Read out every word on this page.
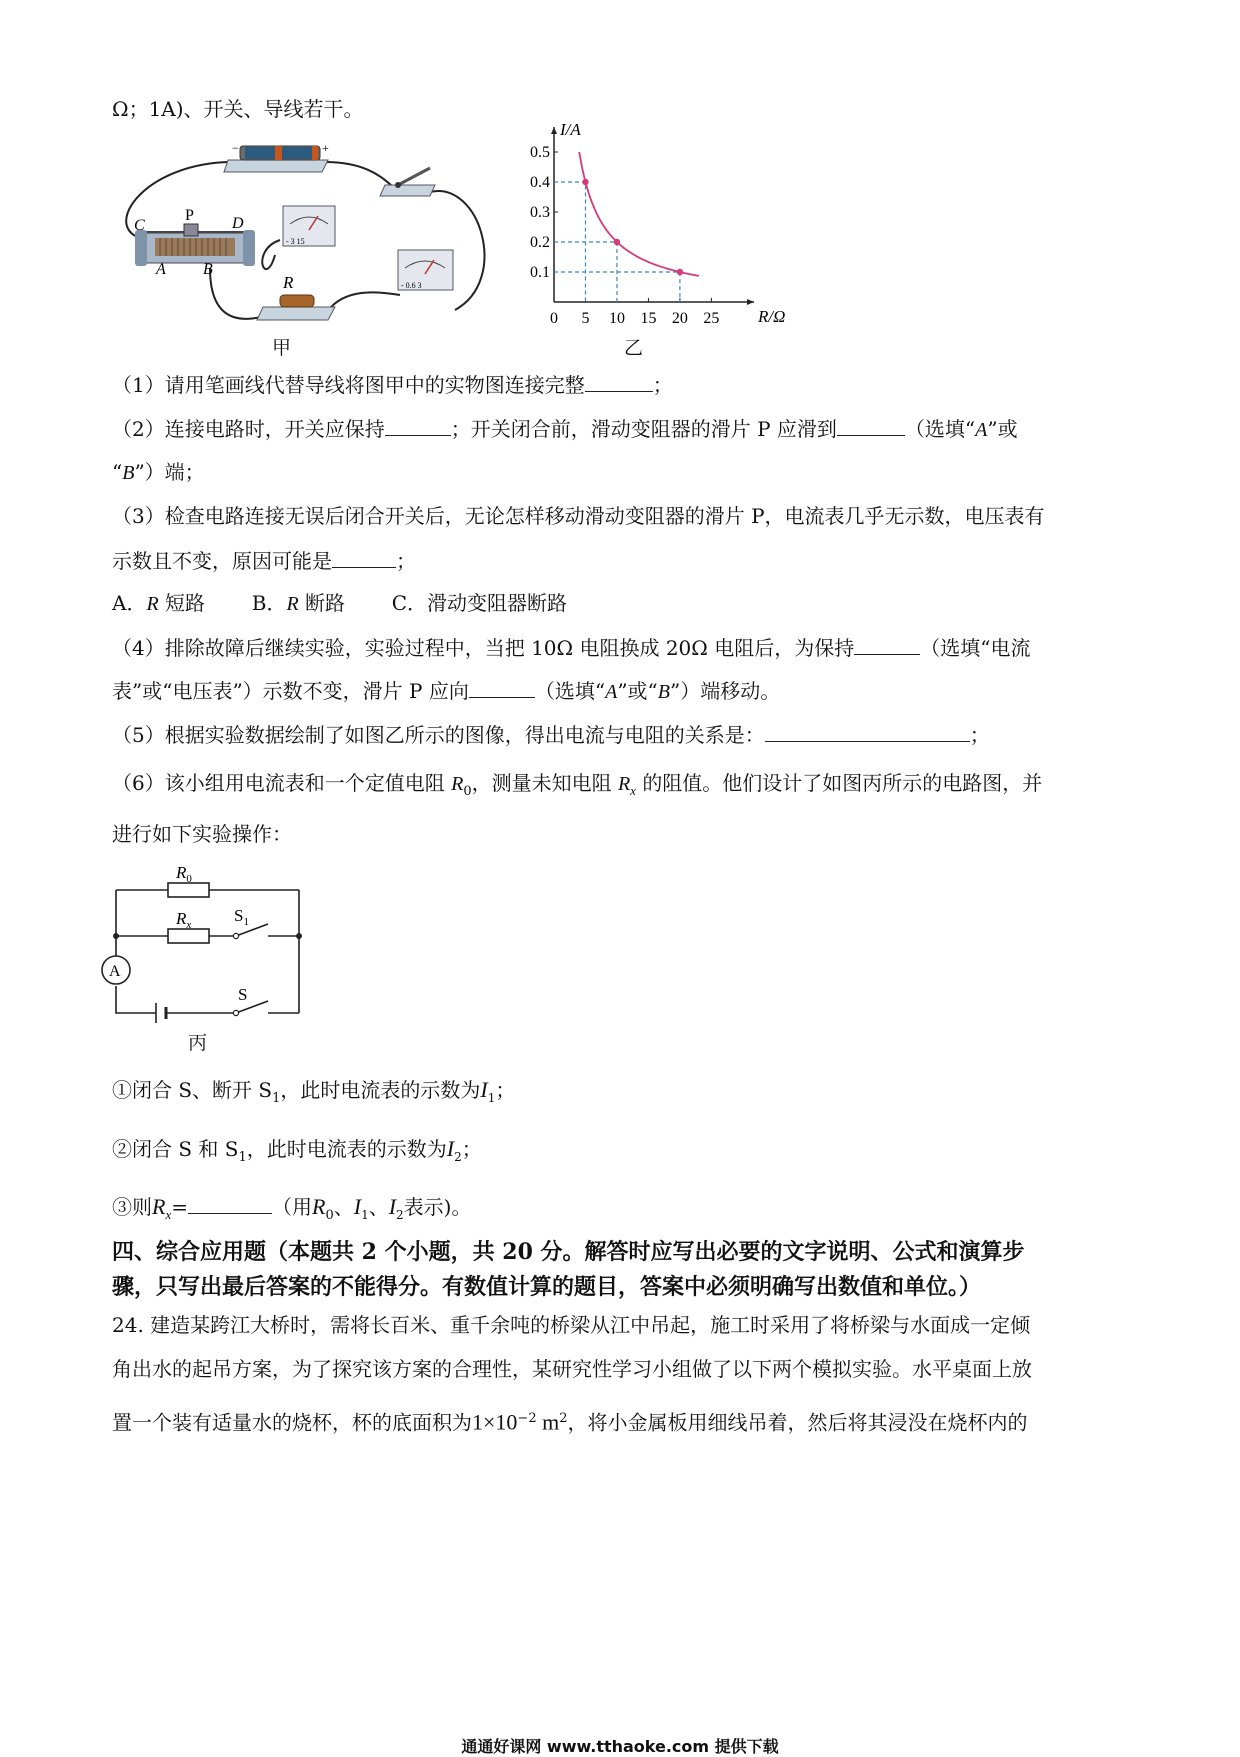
Ω；1A)、开关、导线若干。
−	+
C
P D
A B
- 3 15
- 0.6 3
R
甲
I/A
R/Ω
0 5 10 15 20 25
0.1
0.2
0.3
0.4
0.5
乙
（1）请用笔画线代替导线将图甲中的实物图连接完整	；
（2）连接电路时，开关应保持	；开关闭合前，滑动变阻器的滑片 P 应滑到	（选填“A”或
“B”）端；
（3）检查电路连接无误后闭合开关后，无论怎样移动滑动变阻器的滑片 P，电流表几乎无示数，电压表有
示数且不变，原因可能是	；
A．R 短路 B．R 断路 C．滑动变阻器断路
（4）排除故障后继续实验，实验过程中，当把 10Ω 电阻换成 20Ω 电阻后，为保持	（选填“电流
表”或“电压表”）示数不变，滑片 P 应向	（选填“A”或“B”）端移动。
（5）根据实验数据绘制了如图乙所示的图像，得出电流与电阻的关系是：	；
（6）该小组用电流表和一个定值电阻 $R_0$，测量未知电阻 $R_x$ 的阻值。他们设计了如图丙所示的电路图，并
进行如下实验操作：
A
$R_0$
$R_x$	$S_1$
S
丙
①闭合 S、断开 $S_1$，此时电流表的示数为$I_1$；
②闭合 S 和 $S_1$，此时电流表的示数为$I_2$；
③则$R_x=$	（用$R_0$、$I_1$、$I_2$表示)。
四、综合应用题（本题共 2 个小题，共 20 分。解答时应写出必要的文字说明、公式和演算步
骤，只写出最后答案的不能得分。有数值计算的题目，答案中必须明确写出数值和单位。）
24. 建造某跨江大桥时，需将长百米、重千余吨的桥梁从江中吊起，施工时采用了将桥梁与水面成一定倾
角出水的起吊方案，为了探究该方案的合理性，某研究性学习小组做了以下两个模拟实验。水平桌面上放
置一个装有适量水的烧杯，杯的底面积为$1\times 10^{-2}$ $m^2$，将小金属板用细线吊着，然后将其浸没在烧杯内的
通通好课网 www.tthaoke.com 提供下载
